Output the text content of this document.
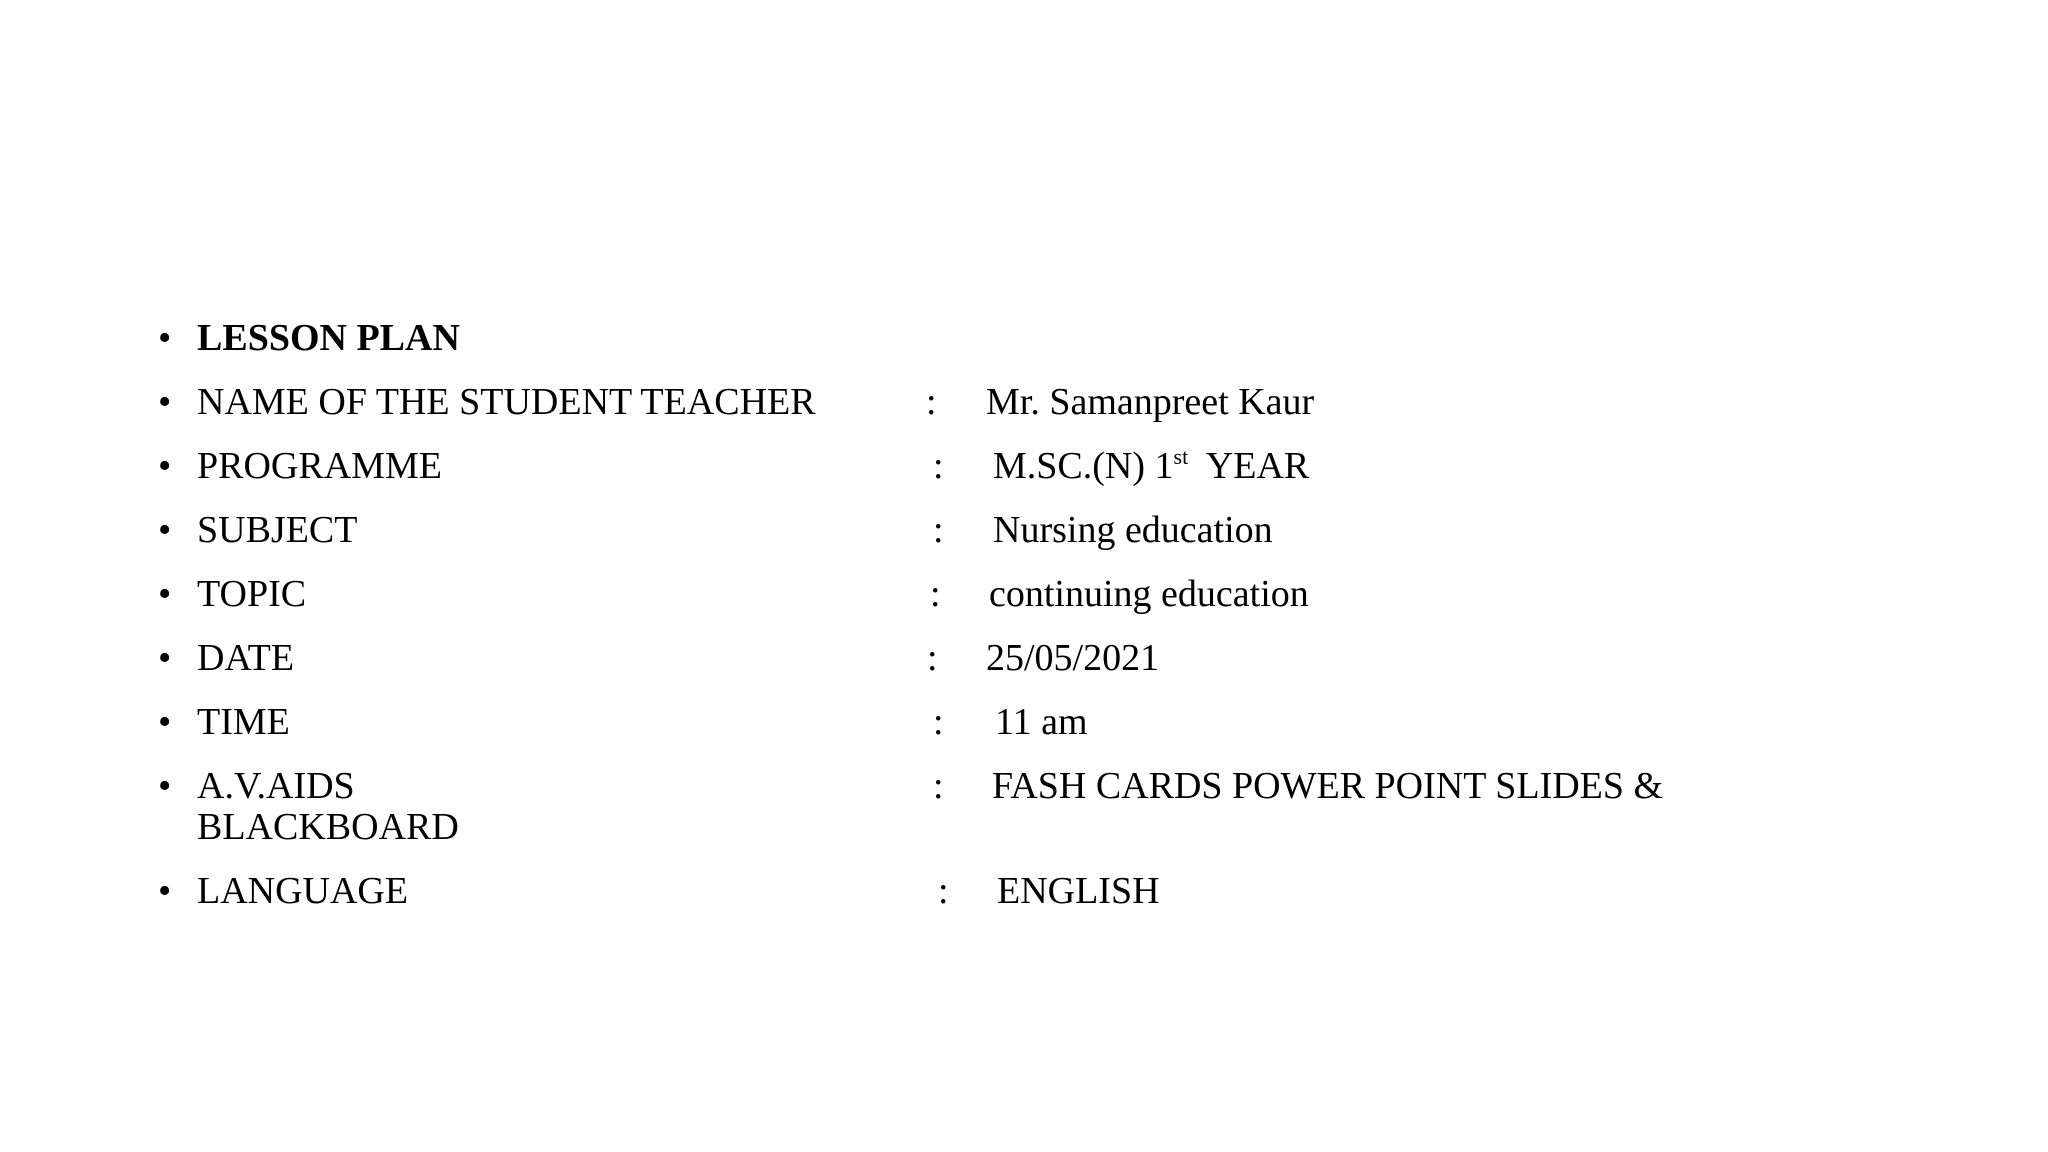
• LESSON PLAN
• NAME OF THE STUDENT TEACHER	: Mr. Samanpreet Kaur
• PROGRAMME	: M.SC.(N) 1st  YEAR
• SUBJECT	: Nursing education
• TOPIC	: continuing education
• DATE	: 25/05/2021
• TIME	: 11 am
• A.V.AIDS	: FASH CARDS POWER POINT SLIDES &
BLACKBOARD
• LANGUAGE	: ENGLISH
